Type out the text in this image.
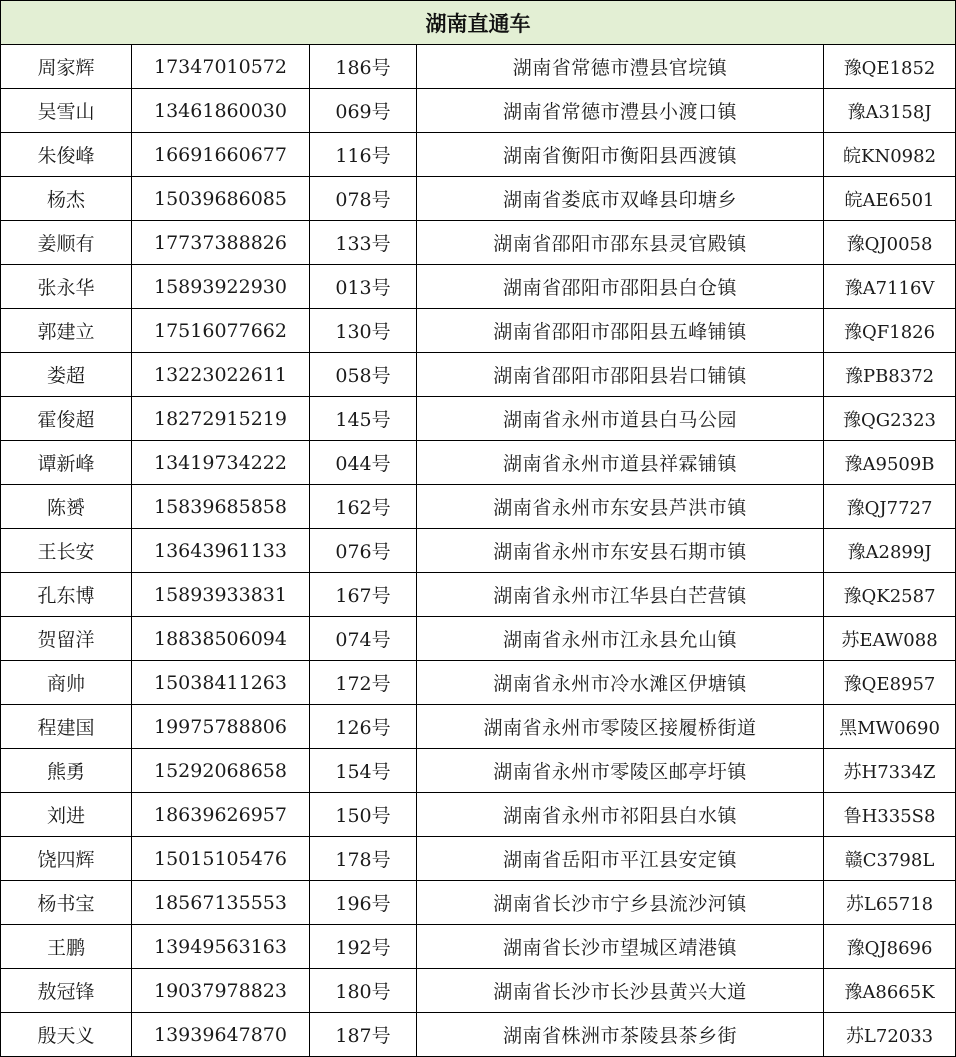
湖南直通车				
周家辉	17347010572	186号	湖南省常德市澧县官垸镇	豫QE1852
吴雪山	13461860030	069号	湖南省常德市澧县小渡口镇	豫A3158J
朱俊峰	16691660677	116号	湖南省衡阳市衡阳县西渡镇	皖KN0982
杨杰	15039686085	078号	湖南省娄底市双峰县印塘乡	皖AE6501
姜顺有	17737388826	133号	湖南省邵阳市邵东县灵官殿镇	豫QJ0058
张永华	15893922930	013号	湖南省邵阳市邵阳县白仓镇	豫A7116V
郭建立	17516077662	130号	湖南省邵阳市邵阳县五峰铺镇	豫QF1826
娄超	13223022611	058号	湖南省邵阳市邵阳县岩口铺镇	豫PB8372
霍俊超	18272915219	145号	湖南省永州市道县白马公园	豫QG2323
谭新峰	13419734222	044号	湖南省永州市道县祥霖铺镇	豫A9509B
陈赟	15839685858	162号	湖南省永州市东安县芦洪市镇	豫QJ7727
王长安	13643961133	076号	湖南省永州市东安县石期市镇	豫A2899J
孔东博	15893933831	167号	湖南省永州市江华县白芒营镇	豫QK2587
贺留洋	18838506094	074号	湖南省永州市江永县允山镇	苏EAW088
商帅	15038411263	172号	湖南省永州市冷水滩区伊塘镇	豫QE8957
程建国	19975788806	126号	湖南省永州市零陵区接履桥街道	黑MW0690
熊勇	15292068658	154号	湖南省永州市零陵区邮亭圩镇	苏H7334Z
刘进	18639626957	150号	湖南省永州市祁阳县白水镇	鲁H335S8
饶四辉	15015105476	178号	湖南省岳阳市平江县安定镇	赣C3798L
杨书宝	18567135553	196号	湖南省长沙市宁乡县流沙河镇	苏L65718
王鹏	13949563163	192号	湖南省长沙市望城区靖港镇	豫QJ8696
敖冠锋	19037978823	180号	湖南省长沙市长沙县黄兴大道	豫A8665K
殷天义	13939647870	187号	湖南省株洲市茶陵县茶乡街	苏L72033
